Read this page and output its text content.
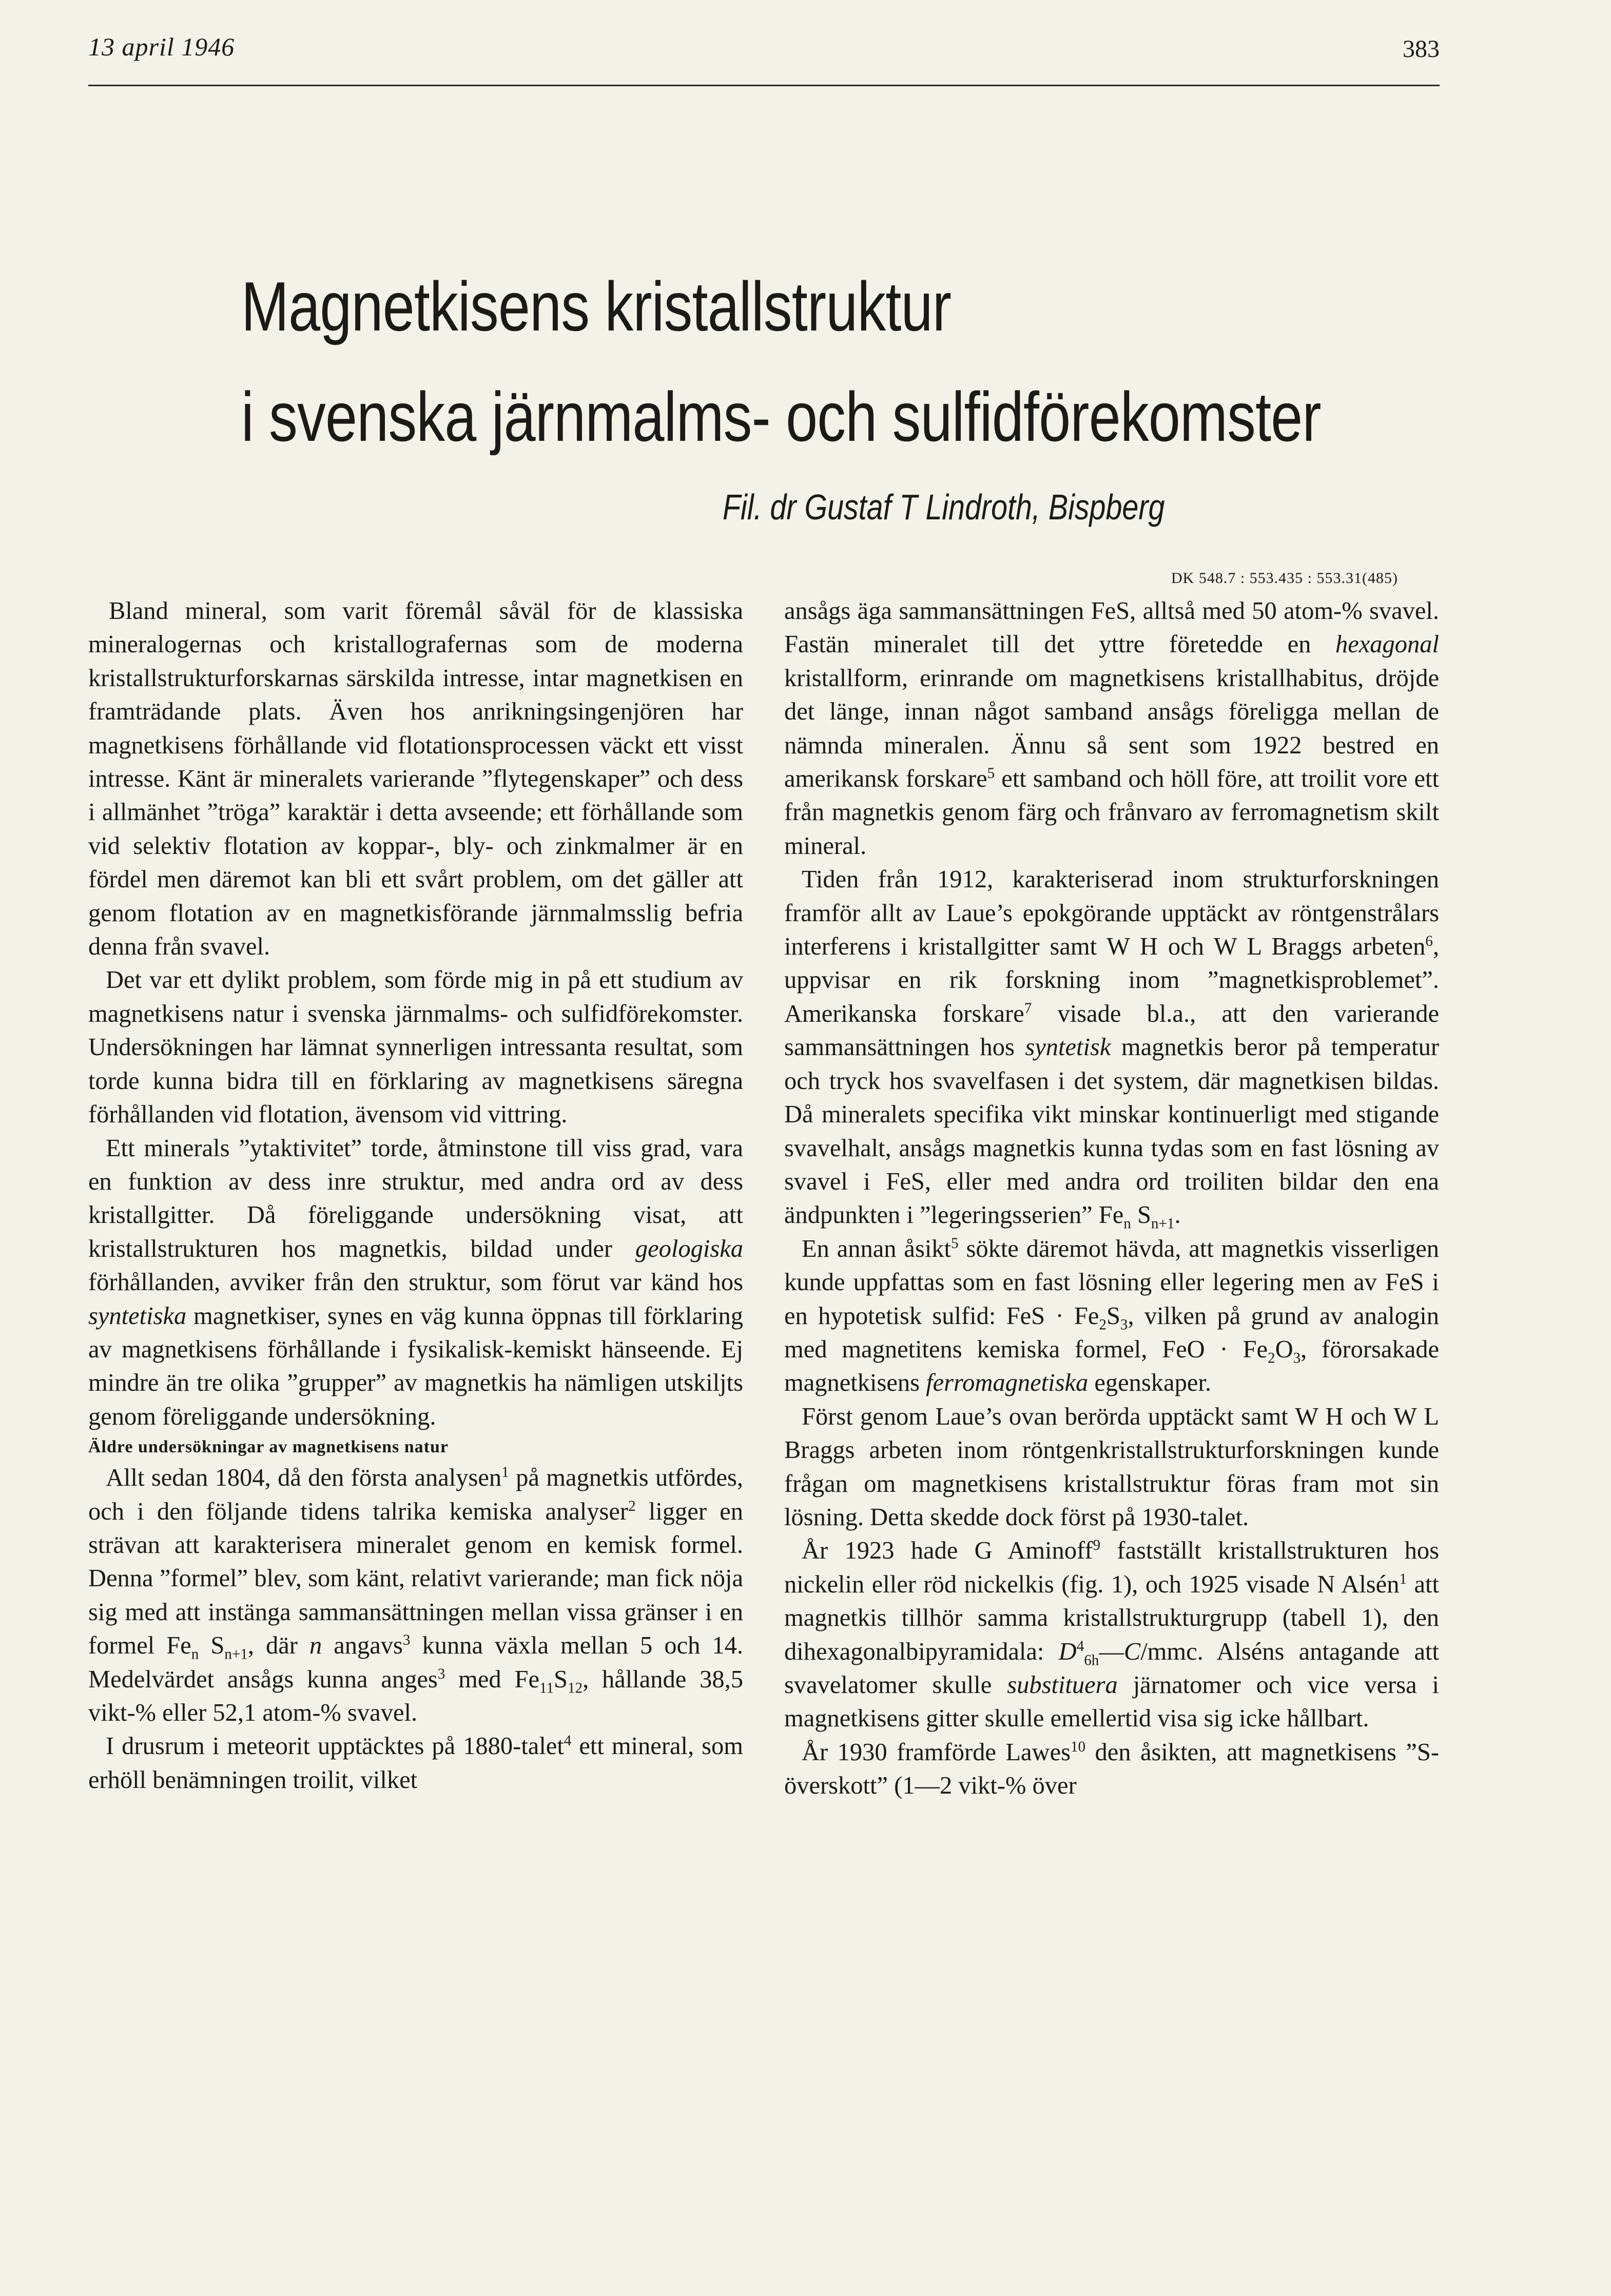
13 april 1946	383
Magnetkisens kristallstruktur
i svenska järnmalms- och sulfidförekomster
Fil. dr Gustaf T Lindroth, Bispberg
DK 548.7 : 553.435 : 553.31(485)

Bland mineral, som varit föremål såväl för de klassiska mineralogernas och kristallografernas som de moderna kristallstrukturforskarnas särskilda intresse, intar magnetkisen en framträdande plats. Även hos anrikningsingenjören har magnetkisens förhållande vid flotationsprocessen väckt ett visst intresse. Känt är mineralets varierande ”flytegenskaper” och dess i allmänhet ”tröga” karaktär i detta avseende; ett förhållande som vid selektiv flotation av koppar-, bly- och zinkmalmer är en fördel men däremot kan bli ett svårt problem, om det gäller att genom flotation av en magnetkisförande järnmalmsslig befria denna från svavel.

Det var ett dylikt problem, som förde mig in på ett studium av magnetkisens natur i svenska järnmalms- och sulfidförekomster. Undersökningen har lämnat synnerligen intressanta resultat, som torde kunna bidra till en förklaring av magnetkisens säregna förhållanden vid flotation, ävensom vid vittring.

Ett minerals ”ytaktivitet” torde, åtminstone till viss grad, vara en funktion av dess inre struktur, med andra ord av dess kristallgitter. Då föreliggande undersökning visat, att kristallstrukturen hos magnetkis, bildad under geologiska förhållanden, avviker från den struktur, som förut var känd hos syntetiska magnetkiser, synes en väg kunna öppnas till förklaring av magnetkisens förhållande i fysikalisk-kemiskt hänseende. Ej mindre än tre olika ”grupper” av magnetkis ha nämligen utskiljts genom föreliggande undersökning.

Äldre undersökningar av magnetkisens natur

Allt sedan 1804, då den första analysen$^1$ på magnetkis utfördes, och i den följande tidens talrika kemiska analyser$^2$ ligger en strävan att karakterisera mineralet genom en kemisk formel. Denna ”formel” blev, som känt, relativt varierande; man fick nöja sig med att instänga sammansättningen mellan vissa gränser i en formel $Fe_n$ $S_{n+1}$, där n angavs$^3$ kunna växla mellan 5 och 14. Medelvärdet ansågs kunna anges$^3$ med $Fe_{11}S_{12}$, hållande 38,5 vikt-% eller 52,1 atom-% svavel.

I drusrum i meteorit upptäcktes på 1880-talet$^4$ ett mineral, som erhöll benämningen troilit, vilket

ansågs äga sammansättningen FeS, alltså med 50 atom-% svavel. Fastän mineralet till det yttre företedde en hexagonal kristallform, erinrande om magnetkisens kristallhabitus, dröjde det länge, innan något samband ansågs föreligga mellan de nämnda mineralen. Ännu så sent som 1922 bestred en amerikansk forskare$^5$ ett samband och höll före, att troilit vore ett från magnetkis genom färg och frånvaro av ferromagnetism skilt mineral.

Tiden från 1912, karakteriserad inom strukturforskningen framför allt av Laue’s epokgörande upptäckt av röntgenstrålars interferens i kristallgitter samt W H och W L Braggs arbeten$^6$, uppvisar en rik forskning inom ”magnetkisproblemet”. Amerikanska forskare$^7$ visade bl.a., att den varierande sammansättningen hos syntetisk magnetkis beror på temperatur och tryck hos svavelfasen i det system, där magnetkisen bildas. Då mineralets specifika vikt minskar kontinuerligt med stigande svavelhalt, ansågs magnetkis kunna tydas som en fast lösning av svavel i FeS, eller med andra ord troiliten bildar den ena ändpunkten i ”legeringsserien” $Fe_n$ $S_{n+1}$.

En annan åsikt$^5$ sökte däremot hävda, att magnetkis visserligen kunde uppfattas som en fast lösning eller legering men av FeS i en hypotetisk sulfid: FeS · $Fe_2S_3$, vilken på grund av analogin med magnetitens kemiska formel, FeO · $Fe_2O_3$, förorsakade magnetkisens ferromagnetiska egenskaper.

Först genom Laue’s ovan berörda upptäckt samt W H och W L Braggs arbeten inom röntgenkristallstrukturforskningen kunde frågan om magnetkisens kristallstruktur föras fram mot sin lösning. Detta skedde dock först på 1930-talet.

År 1923 hade G Aminoff$^9$ fastställt kristallstrukturen hos nickelin eller röd nickelkis (fig. 1), och 1925 visade N Alsén$^1$ att magnetkis tillhör samma kristallstrukturgrupp (tabell 1), den dihexagonalbipyramidala: $D^4_{6h}—C$/mmc. Alséns antagande att svavelatomer skulle substituera järnatomer och vice versa i magnetkisens gitter skulle emellertid visa sig icke hållbart.

År 1930 framförde Lawes$^{10}$ den åsikten, att magnetkisens ”S-överskott” (1—2 vikt-% över
